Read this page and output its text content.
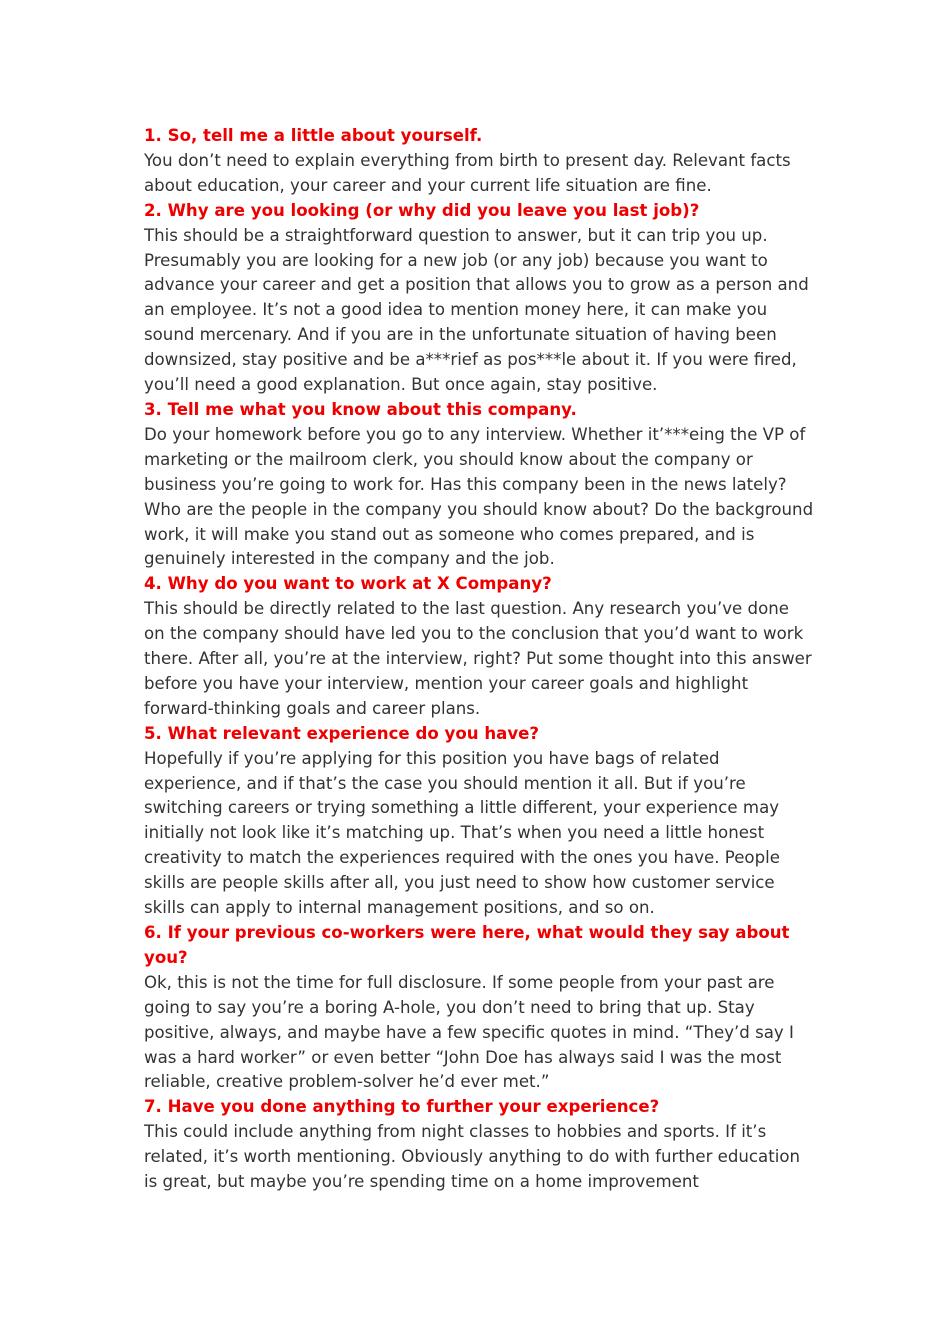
1. So, tell me a little about yourself.

You don’t need to explain everything from birth to present day. Relevant facts about education, your career and your current life situation are fine.

2. Why are you looking (or why did you leave you last job)?

This should be a straightforward question to answer, but it can trip you up. Presumably you are looking for a new job (or any job) because you want to advance your career and get a position that allows you to grow as a person and an employee. It’s not a good idea to mention money here, it can make you sound mercenary. And if you are in the unfortunate situation of having been downsized, stay positive and be a***rief as pos***le about it. If you were fired, you’ll need a good explanation. But once again, stay positive.

3. Tell me what you know about this company.

Do your homework before you go to any interview. Whether it’***eing the VP of marketing or the mailroom clerk, you should know about the company or business you’re going to work for. Has this company been in the news lately? Who are the people in the company you should know about? Do the background work, it will make you stand out as someone who comes prepared, and is genuinely interested in the company and the job.

4. Why do you want to work at X Company?

This should be directly related to the last question. Any research you’ve done on the company should have led you to the conclusion that you’d want to work there. After all, you’re at the interview, right? Put some thought into this answer before you have your interview, mention your career goals and highlight forward-thinking goals and career plans.

5. What relevant experience do you have?

Hopefully if you’re applying for this position you have bags of related experience, and if that’s the case you should mention it all. But if you’re switching careers or trying something a little different, your experience may initially not look like it’s matching up. That’s when you need a little honest creativity to match the experiences required with the ones you have. People skills are people skills after all, you just need to show how customer service skills can apply to internal management positions, and so on.

6. If your previous co-workers were here, what would they say about you?

Ok, this is not the time for full disclosure. If some people from your past are going to say you’re a boring A-hole, you don’t need to bring that up. Stay positive, always, and maybe have a few specific quotes in mind. “They’d say I was a hard worker” or even better “John Doe has always said I was the most reliable, creative problem-solver he’d ever met.”

7. Have you done anything to further your experience?

This could include anything from night classes to hobbies and sports. If it’s related, it’s worth mentioning. Obviously anything to do with further education is great, but maybe you’re spending time on a home improvement
